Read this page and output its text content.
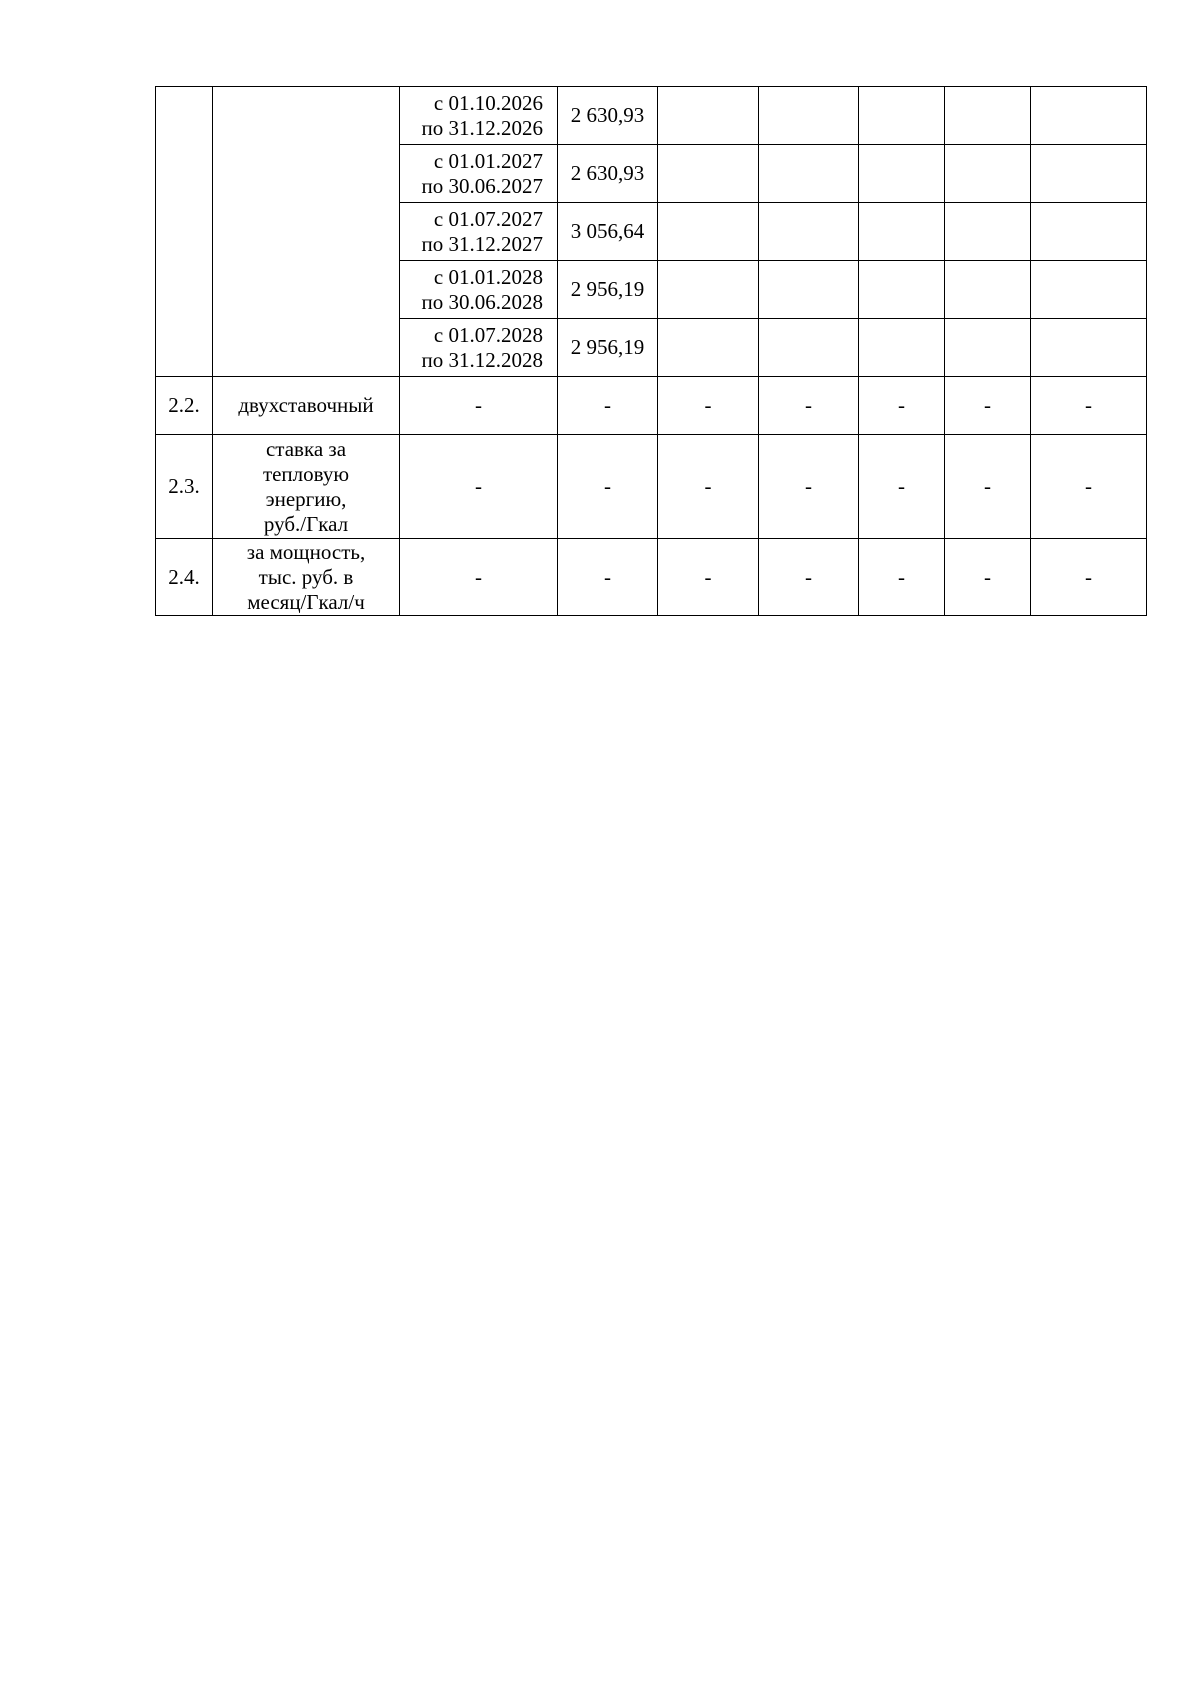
		с 01.10.2026
по 31.12.2026	2 630,93					

		с 01.01.2027
по 30.06.2027	2 630,93					

		с 01.07.2027
по 31.12.2027	3 056,64					

		с 01.01.2028
по 30.06.2028	2 956,19					

		с 01.07.2028
по 31.12.2028	2 956,19					
2.2.	двухставочный	-	-	-	-	-	-	-
2.3.	ставка за
тепловую
энергию,
руб./Гкал	-	-	-	-	-	-	-
2.4.	за мощность,
тыс. руб. в
месяц/Гкал/ч	-	-	-	-	-	-	-
